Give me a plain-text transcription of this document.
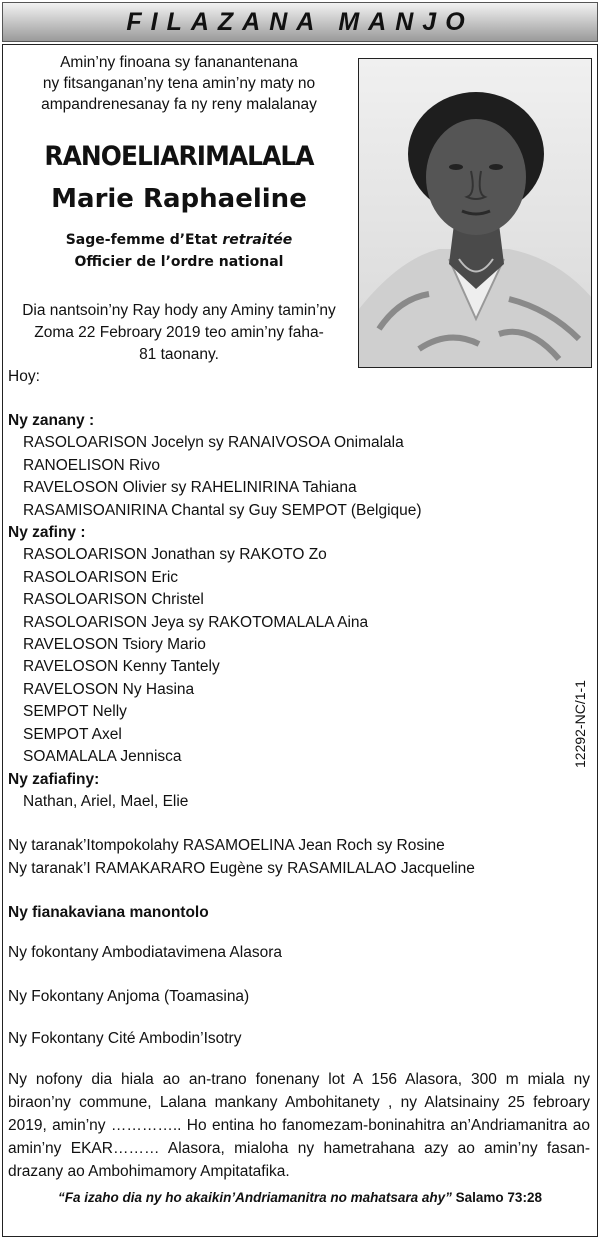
FILAZANA MANJO
Amin’ny finoana sy fananantenana
ny fitsanganan’ny tena amin’ny maty no
ampandrenesanay fa ny reny malalanay
RANOELIARIMALALA
Marie Raphaeline
Sage-femme d’Etat retraitée
Officier de l’ordre national
Dia nantsoin’ny Ray hody any Aminy tamin’ny
Zoma 22 Febroary 2019 teo amin’ny faha-
81 taonany.
Hoy:
Ny zanany :
RASOLOARISON Jocelyn sy RANAIVOSOA Onimalala
RANOELISON Rivo
RAVELOSON Olivier sy RAHELINIRINA Tahiana
RASAMISOANIRINA Chantal sy Guy SEMPOT (Belgique)
Ny zafiny :
RASOLOARISON Jonathan sy RAKOTO Zo
RASOLOARISON Eric
RASOLOARISON Christel
RASOLOARISON Jeya sy RAKOTOMALALA Aina
RAVELOSON Tsiory Mario
RAVELOSON Kenny Tantely
RAVELOSON Ny Hasina
SEMPOT Nelly
SEMPOT Axel
SOAMALALA Jennisca
Ny zafiafiny:
Nathan, Ariel, Mael, Elie
12292-NC/1-1
Ny taranak’Itompokolahy RASAMOELINA Jean Roch sy Rosine
Ny taranak’I RAMAKARARO Eugène sy RASAMILALAO Jacqueline
Ny fianakaviana manontolo
Ny fokontany Ambodiatavimena Alasora
Ny Fokontany Anjoma (Toamasina)
Ny Fokontany Cité Ambodin’Isotry
Ny nofony dia hiala ao an-trano fonenany lot A 156 Alasora, 300 m miala ny biraon’ny commune, Lalana mankany Ambohitanety , ny Alatsinainy 25 febroary 2019, amin’ny ………….. Ho entina ho fanomezam-boninahitra an’Andriamanitra ao amin’ny EKAR……… Alasora, mialoha ny hametrahana azy ao amin’ny fasan-drazany ao Ambohimamory Ampitatafika.
“Fa izaho dia ny ho akaikin’Andriamanitra no mahatsara ahy” Salamo 73:28
